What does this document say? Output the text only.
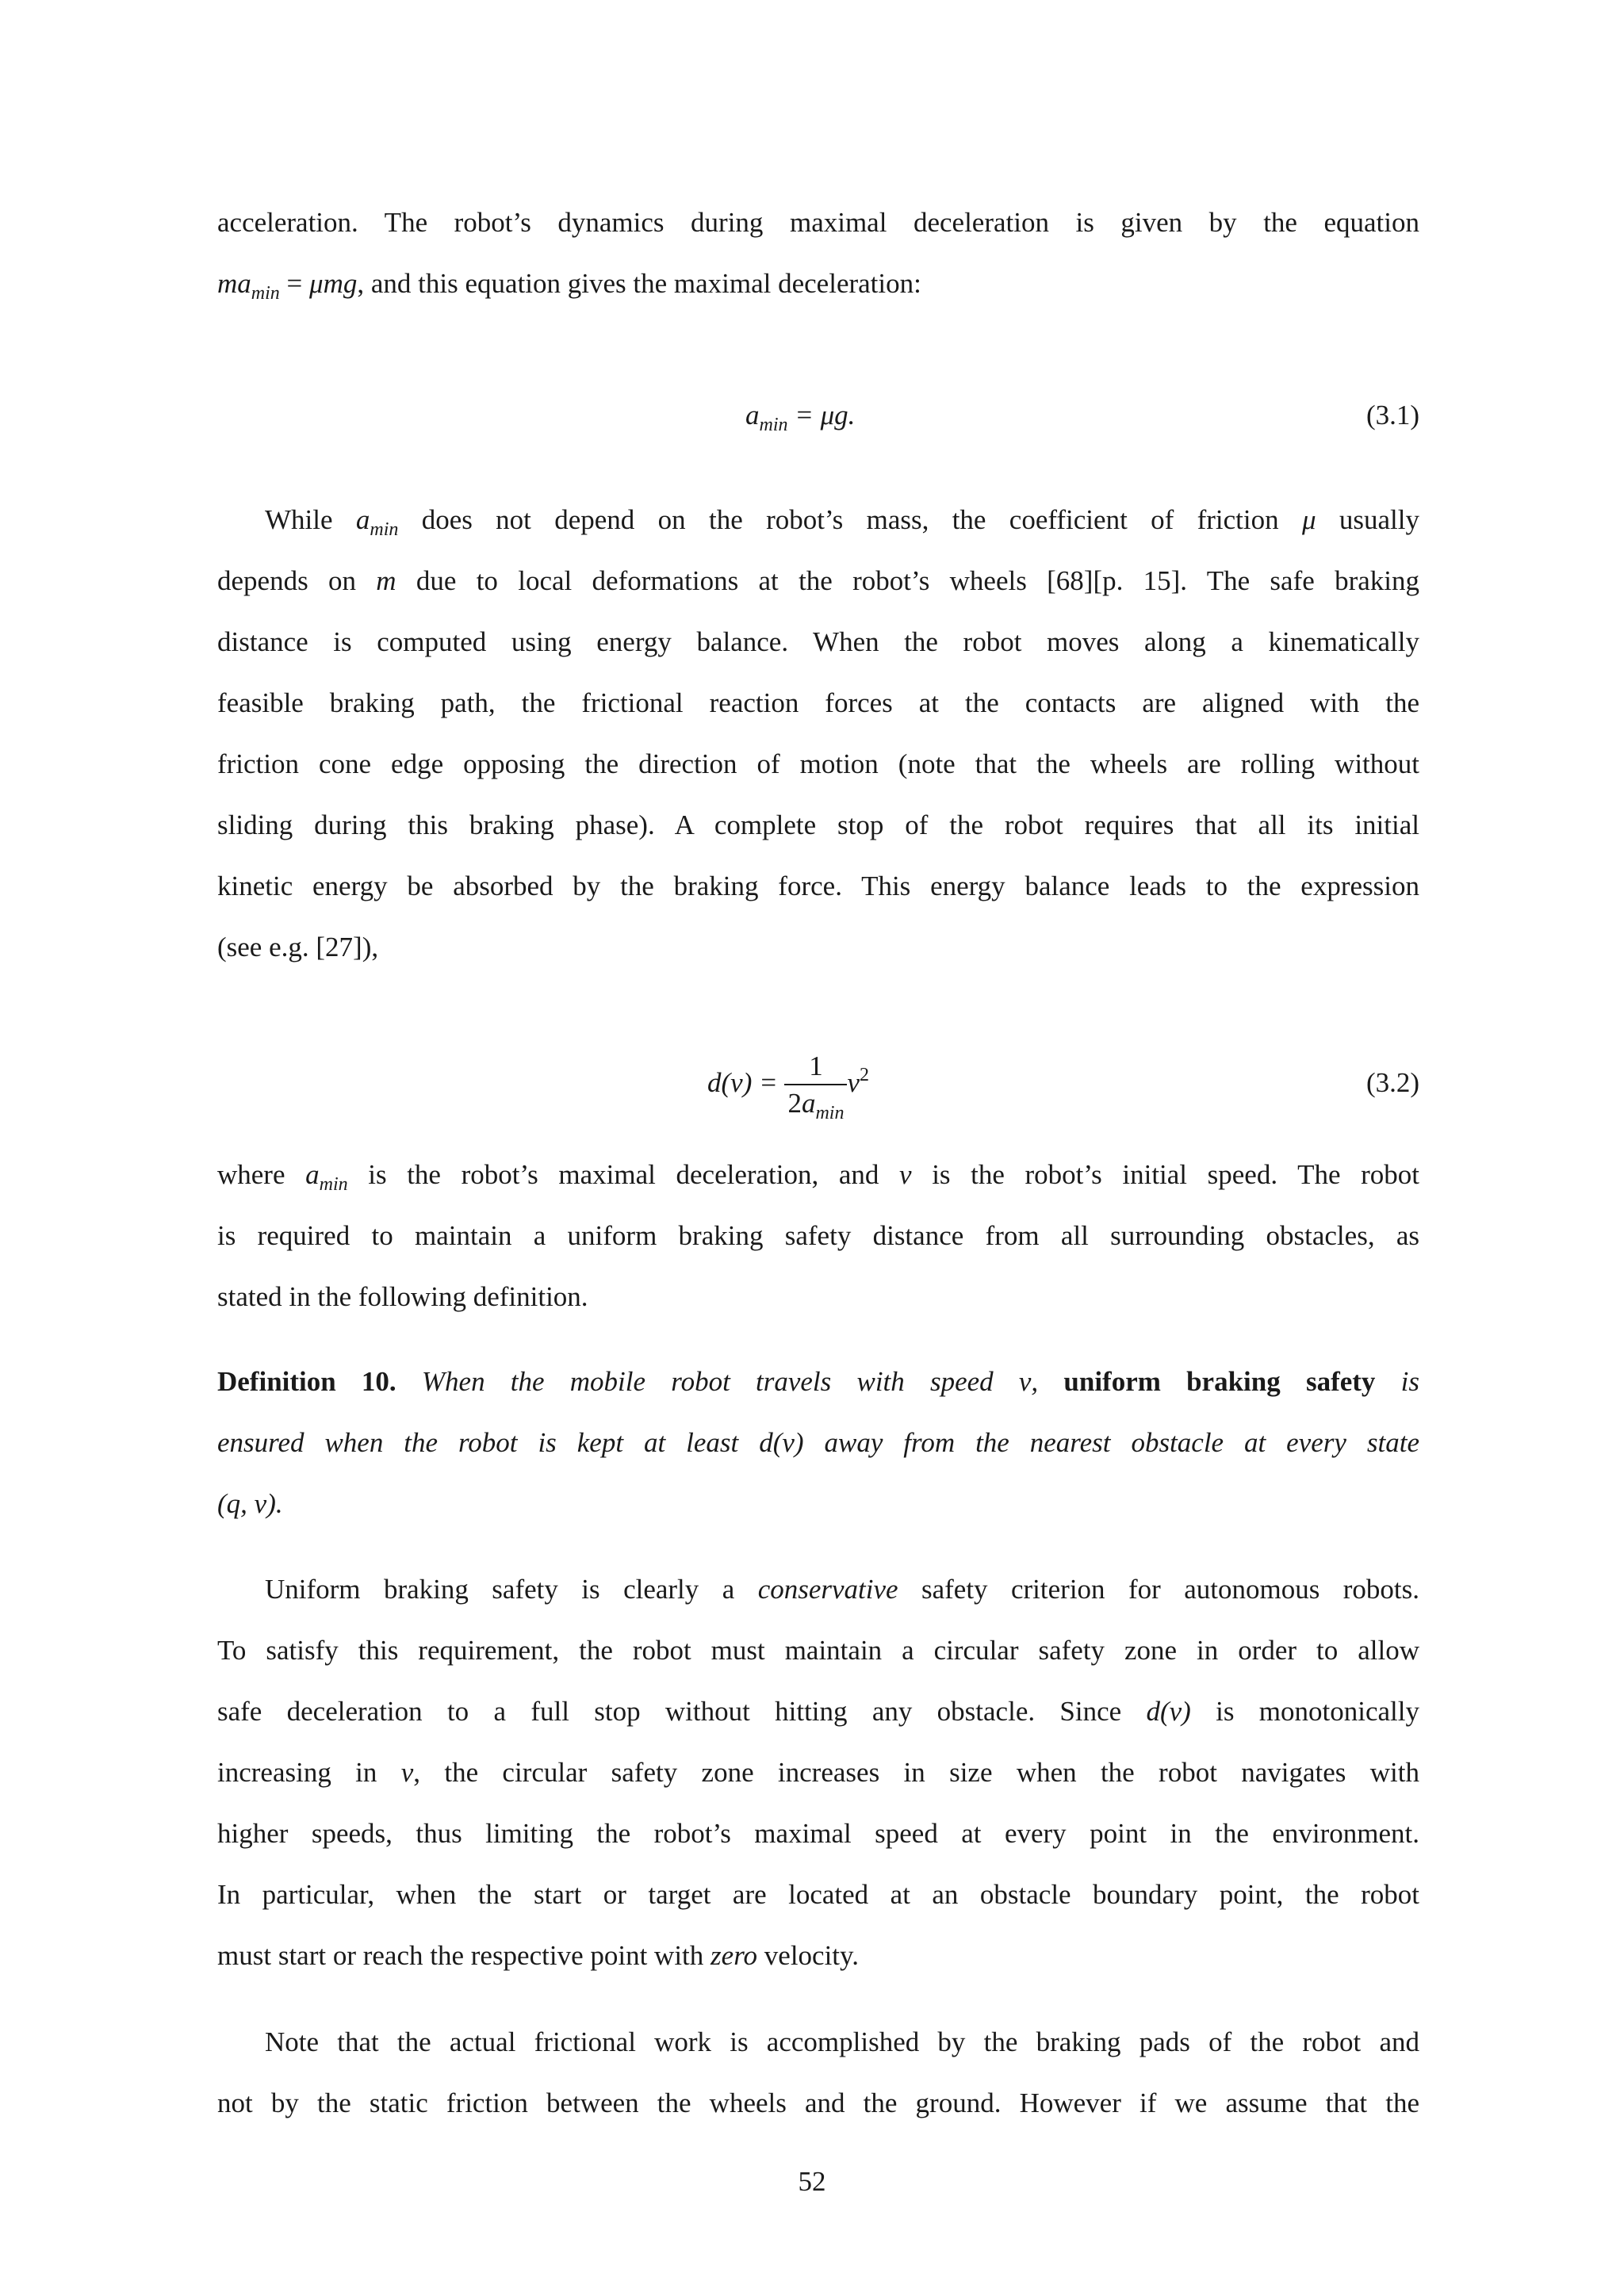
acceleration. The robot’s dynamics during maximal deceleration is given by the equation
$ma_{min} = \mu mg$, and this equation gives the maximal deceleration:
$a_{min} = \mu g$.	(3.1)
While $a_{min}$ does not depend on the robot’s mass, the coefficient of friction μ usually
depends on m due to local deformations at the robot’s wheels [68][p. 15]. The safe braking
distance is computed using energy balance. When the robot moves along a kinematically
feasible braking path, the frictional reaction forces at the contacts are aligned with the
friction cone edge opposing the direction of motion (note that the wheels are rolling without
sliding during this braking phase). A complete stop of the robot requires that all its initial
kinetic energy be absorbed by the braking force. This energy balance leads to the expression
(see e.g. [27]),
$d(\nu) = \frac{1}{2a_{min}} \nu^2$	(3.2)
where $a_{min}$ is the robot’s maximal deceleration, and ν is the robot’s initial speed. The robot
is required to maintain a uniform braking safety distance from all surrounding obstacles, as
stated in the following definition.
Definition 10. When the mobile robot travels with speed ν, uniform braking safety is
ensured when the robot is kept at least d(ν) away from the nearest obstacle at every state
(q, ν).
Uniform braking safety is clearly a conservative safety criterion for autonomous robots.
To satisfy this requirement, the robot must maintain a circular safety zone in order to allow
safe deceleration to a full stop without hitting any obstacle. Since d(ν) is monotonically
increasing in ν, the circular safety zone increases in size when the robot navigates with
higher speeds, thus limiting the robot’s maximal speed at every point in the environment.
In particular, when the start or target are located at an obstacle boundary point, the robot
must start or reach the respective point with zero velocity.
Note that the actual frictional work is accomplished by the braking pads of the robot and
not by the static friction between the wheels and the ground. However if we assume that the
52
